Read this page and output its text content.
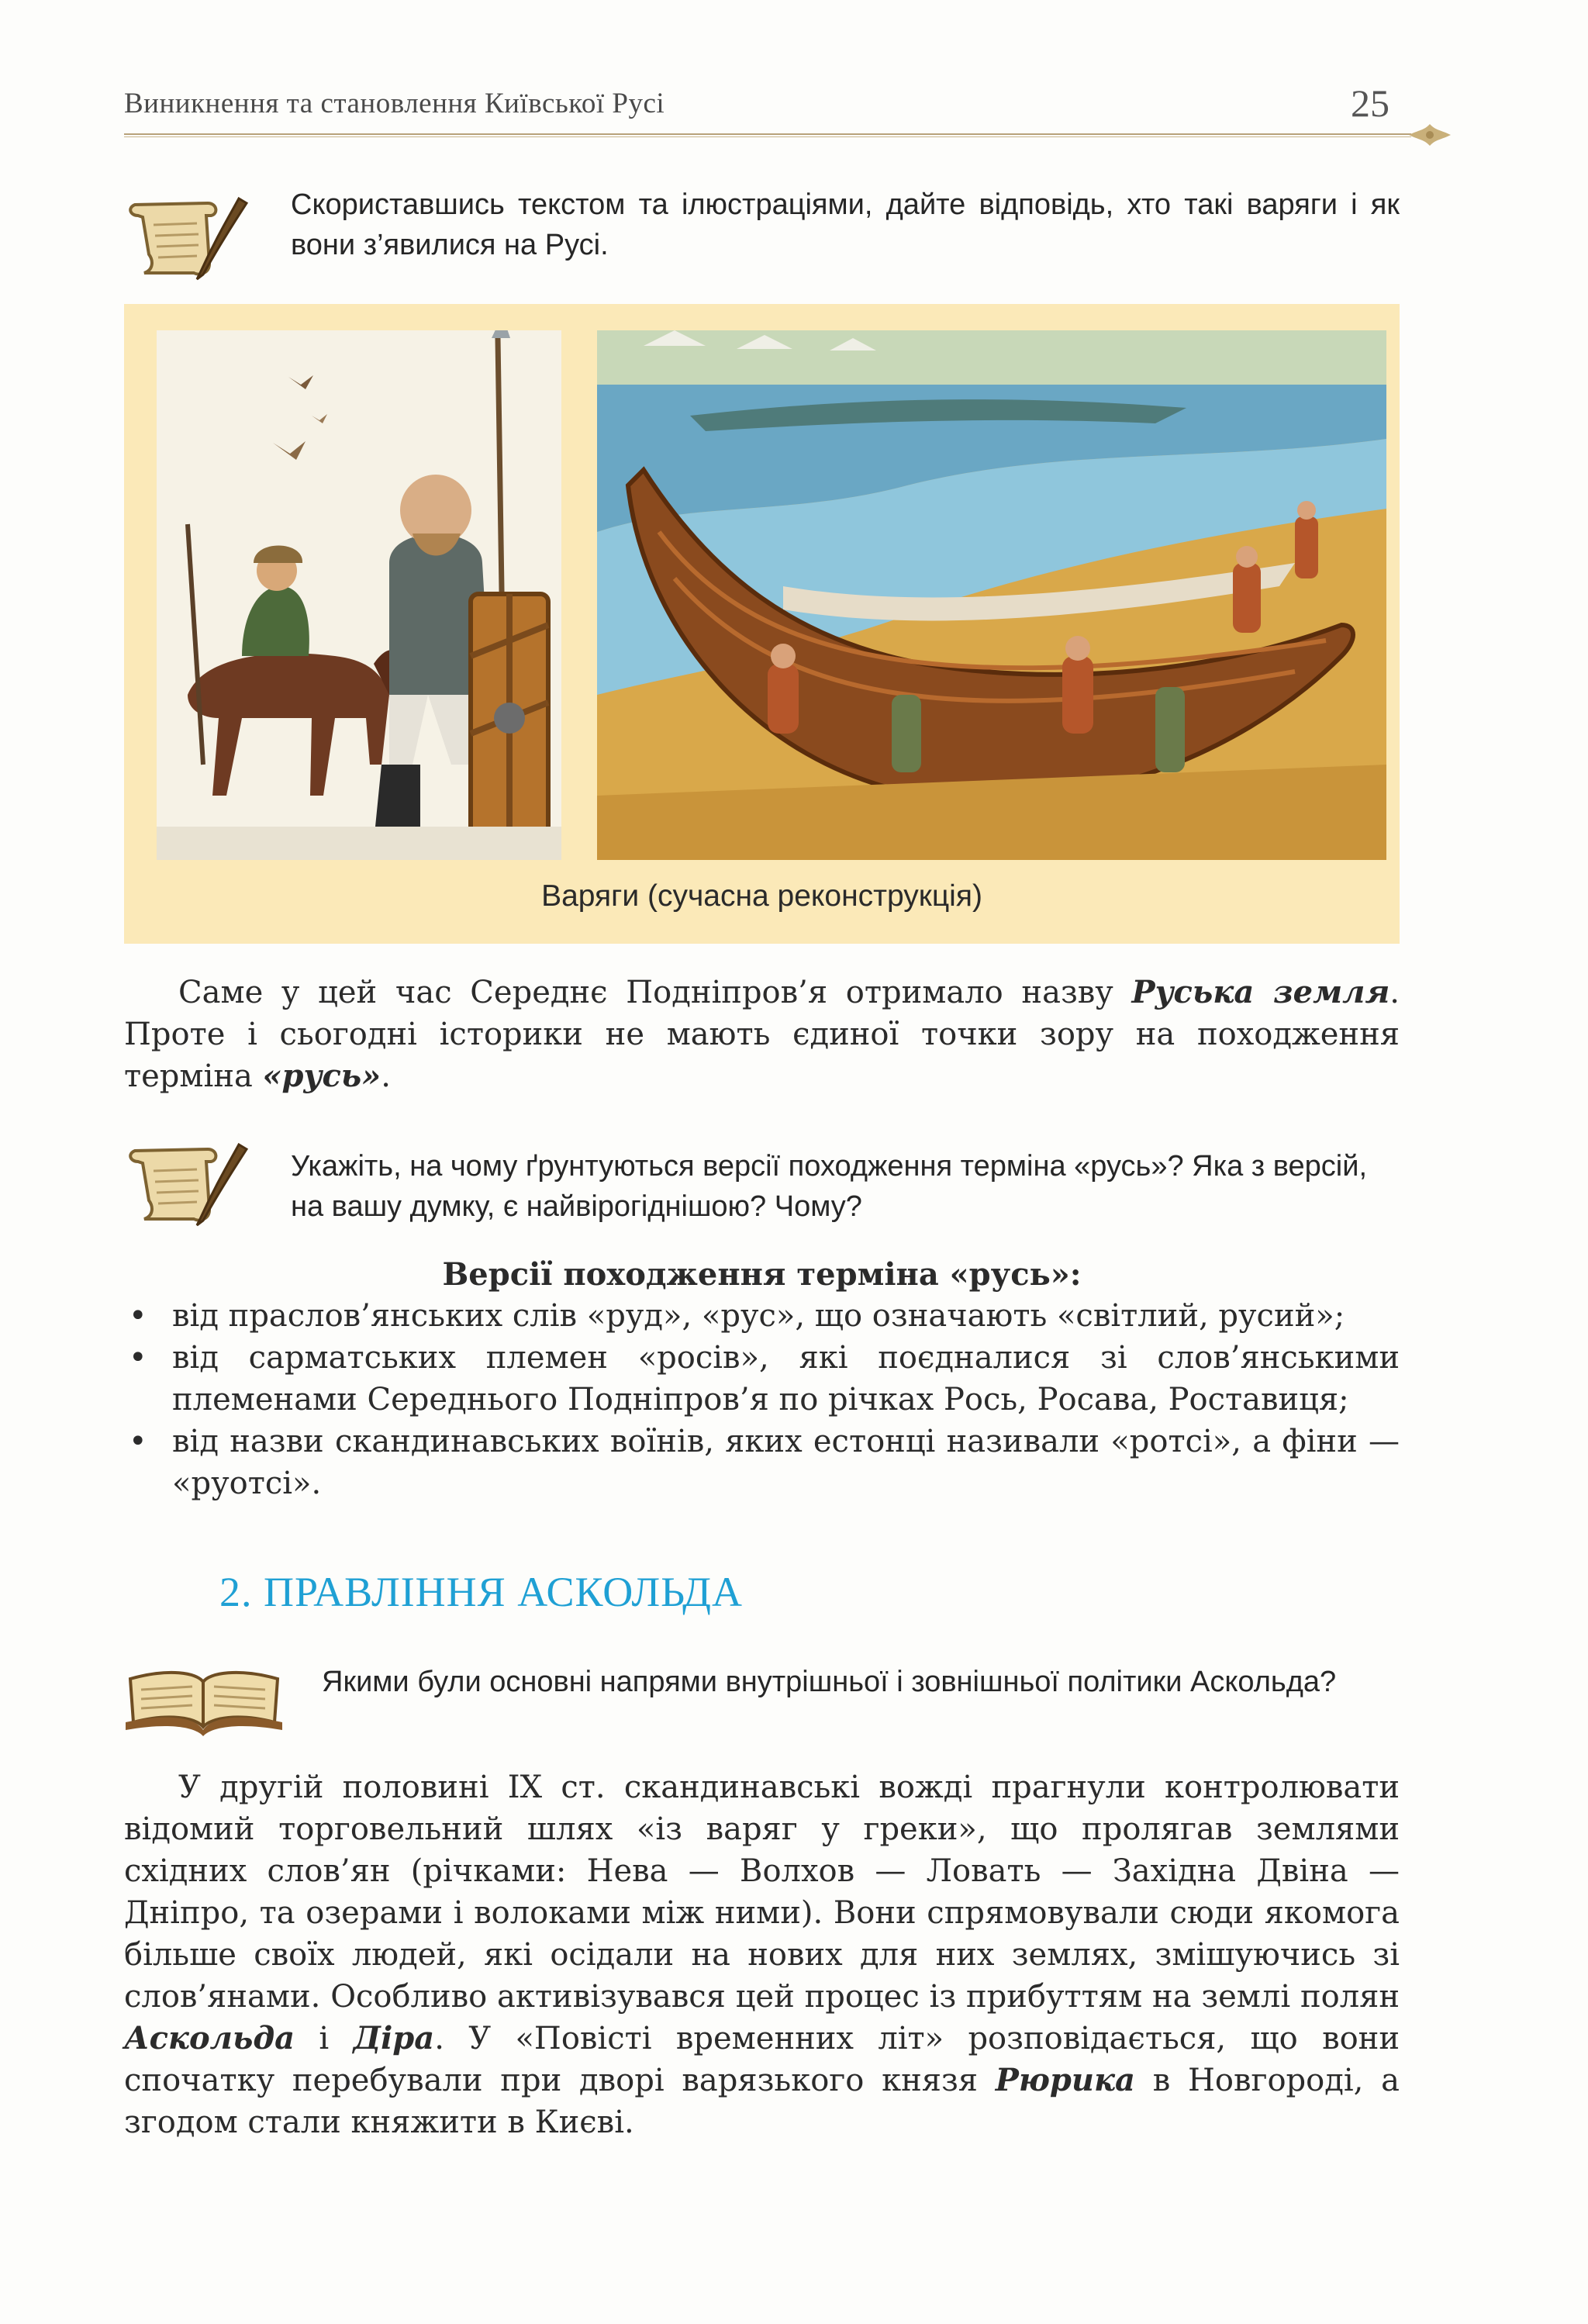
Виникнення та становлення Київської Русі	25
Скориставшись текстом та ілюстраціями, дайте відповідь, хто такі варяги і як вони з’явилися на Русі.
Варяги (сучасна реконструкція)

Саме у цей час Середнє Подніпров’я отримало назву Руська земля. Проте і сьогодні історики не мають єдиної точки зору на походження терміна «русь».

Укажіть, на чому ґрунтуються версії походження терміна «русь»? Яка з версій, на вашу думку, є найвірогіднішою? Чому?
Версії походження терміна «русь»:
• від праслов’янських слів «руд», «рус», що означають «світлий, русий»;
• від сарматських племен «росів», які поєдналися зі слов’янськими племенами Середнього Подніпров’я по річках Рось, Росава, Роставиця;
• від назви скандинавських воїнів, яких естонці називали «ротсі», а фіни — «руотсі».
2. ПРАВЛІННЯ АСКОЛЬДА
Якими були основні напрями внутрішньої і зовнішньої політики Аскольда?

У другій половині IX ст. скандинавські вожді прагнули контролювати відомий торговельний шлях «із варяг у греки», що пролягав землями східних слов’ян (річками: Нева — Волхов — Ловать — Західна Двіна — Дніпро, та озерами і волоками між ними). Вони спрямовували сюди якомога більше своїх людей, які осідали на нових для них землях, змішуючись зі слов’янами. Особливо активізувався цей процес із прибуттям на землі полян Аскольда і Діра. У «Повісті временних літ» розповідається, що вони спочатку перебували при дворі варязького князя Рюрика в Новгороді, а згодом стали княжити в Києві.
